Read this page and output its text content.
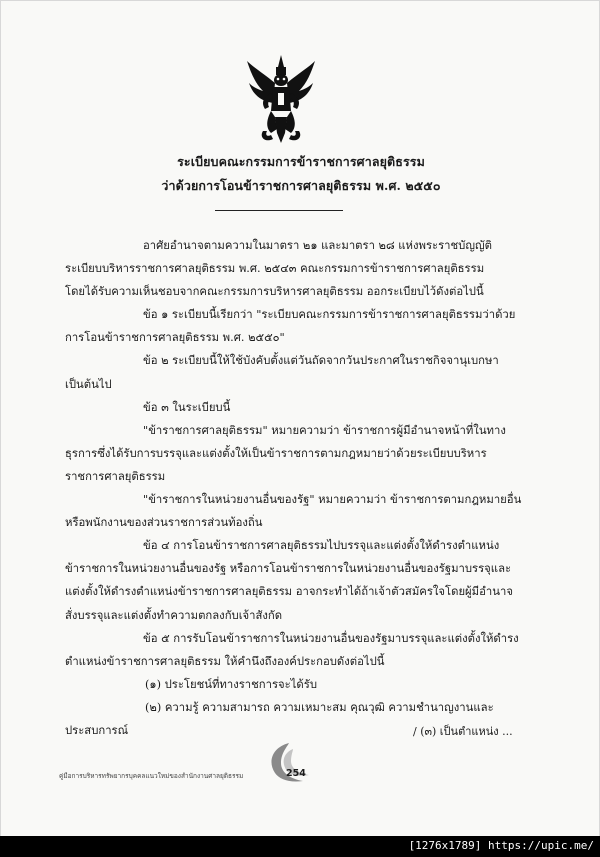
ระเบียบคณะกรรมการข้าราชการศาลยุติธรรม
ว่าด้วยการโอนข้าราชการศาลยุติธรรม พ.ศ. ๒๕๕๐

อาศัยอำนาจตามความในมาตรา ๒๑ และมาตรา ๒๘ แห่งพระราชบัญญัติ

ระเบียบบริหารราชการศาลยุติธรรม พ.ศ. ๒๕๔๓ คณะกรรมการข้าราชการศาลยุติธรรม

โดยได้รับความเห็นชอบจากคณะกรรมการบริหารศาลยุติธรรม ออกระเบียบไว้ดังต่อไปนี้

ข้อ ๑ ระเบียบนี้เรียกว่า "ระเบียบคณะกรรมการข้าราชการศาลยุติธรรมว่าด้วย

การโอนข้าราชการศาลยุติธรรม พ.ศ. ๒๕๕๐"

ข้อ ๒ ระเบียบนี้ให้ใช้บังคับตั้งแต่วันถัดจากวันประกาศในราชกิจจานุเบกษา

เป็นต้นไป

ข้อ ๓ ในระเบียบนี้

"ข้าราชการศาลยุติธรรม" หมายความว่า ข้าราชการผู้มีอำนาจหน้าที่ในทาง

ธุรการซึ่งได้รับการบรรจุและแต่งตั้งให้เป็นข้าราชการตามกฎหมายว่าด้วยระเบียบบริหาร

ราชการศาลยุติธรรม

"ข้าราชการในหน่วยงานอื่นของรัฐ" หมายความว่า ข้าราชการตามกฎหมายอื่น

หรือพนักงานของส่วนราชการส่วนท้องถิ่น

ข้อ ๔ การโอนข้าราชการศาลยุติธรรมไปบรรจุและแต่งตั้งให้ดำรงตำแหน่ง

ข้าราชการในหน่วยงานอื่นของรัฐ หรือการโอนข้าราชการในหน่วยงานอื่นของรัฐมาบรรจุและ

แต่งตั้งให้ดำรงตำแหน่งข้าราชการศาลยุติธรรม อาจกระทำได้ถ้าเจ้าตัวสมัครใจโดยผู้มีอำนาจ

สั่งบรรจุและแต่งตั้งทำความตกลงกับเจ้าสังกัด

ข้อ ๕ การรับโอนข้าราชการในหน่วยงานอื่นของรัฐมาบรรจุและแต่งตั้งให้ดำรง

ตำแหน่งข้าราชการศาลยุติธรรม ให้คำนึงถึงองค์ประกอบดังต่อไปนี้

(๑) ประโยชน์ที่ทางราชการจะได้รับ

(๒) ความรู้ ความสามารถ ความเหมาะสม คุณวุฒิ ความชำนาญงานและ

ประสบการณ์	/ (๓) เป็นตำแหน่ง ...
คู่มือการบริหารทรัพยากรบุคคลแนวใหม่ของสำนักงานศาลยุติธรรม	254
[1276x1789] https://upic.me/
